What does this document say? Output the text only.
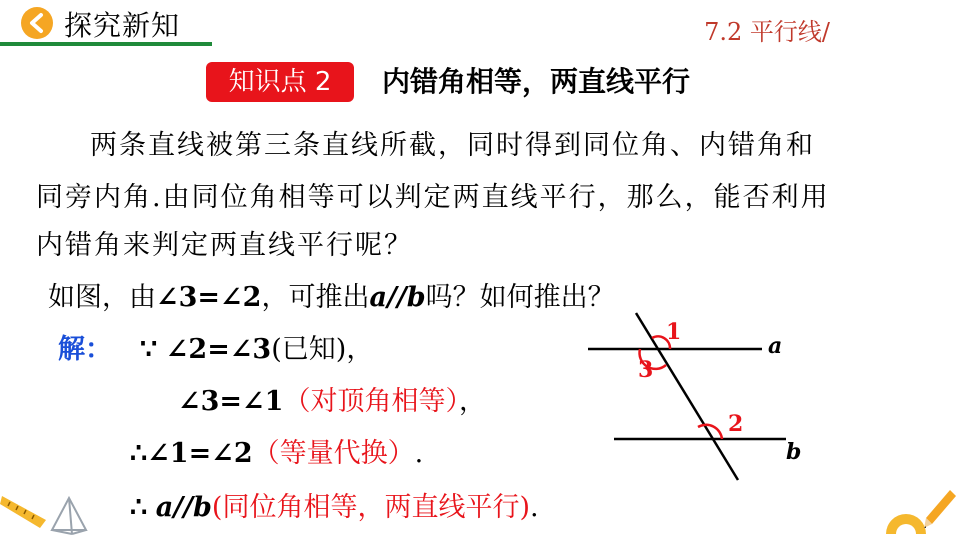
探究新知	7.2 平行线/
知识点 2	内错角相等，两直线平行
两条直线被第三条直线所截，同时得到同位角、内错角和
同旁内角.由同位角相等可以判定两直线平行，那么，能否利用
内错角来判定两直线平行呢？
如图，由∠3=∠2，可推出a//b吗？如何推出？
解： ∵ ∠2=∠3(已知)，
∠3=∠1（对顶角相等），
∴∠1=∠2（等量代换）.
∴ a//b(同位角相等，两直线平行).
1
3
2
a
b
